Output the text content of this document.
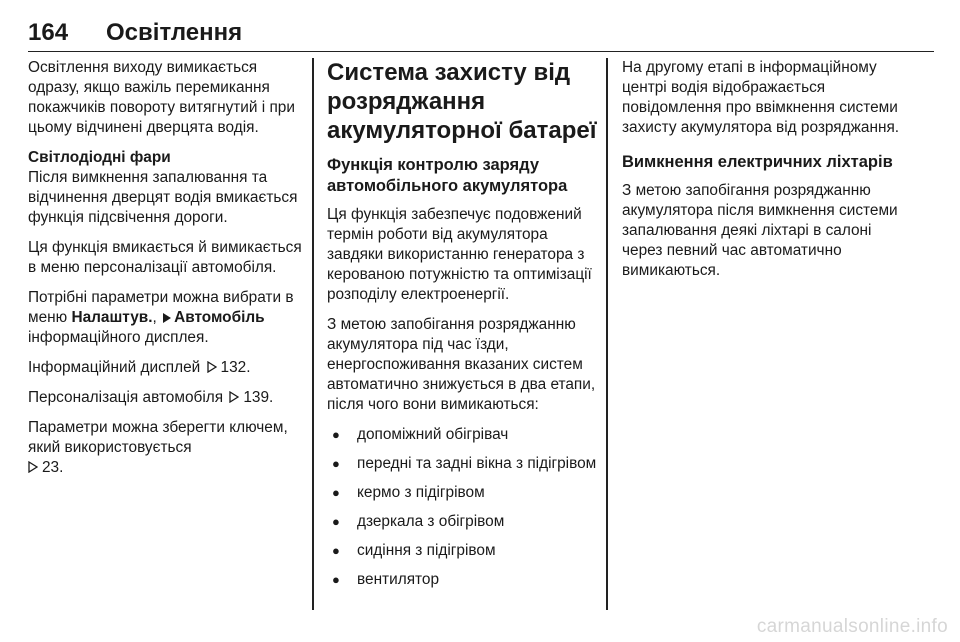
164	Освітлення

Освітлення виходу вимикається одразу, якщо важіль перемикання покажчиків повороту витягнутий і при цьому відчинені дверцята водія.

Світлодіодні фари

Після вимкнення запалювання та відчинення дверцят водія вмикається функція підсвічення дороги.

Ця функція вмикається й вимикається в меню персоналізації автомобіля.

Потрібні параметри можна вибрати в меню Налаштув., Автомобіль інформаційного дисплея.

Інформаційний дисплей 132.

Персоналізація автомобіля 139.

Параметри можна зберегти ключем, який використовується

23.

Система захисту від розряджання акумуляторної батареї
Функція контролю заряду автомобільного акумулятора

Ця функція забезпечує подовжений термін роботи від акумулятора завдяки використанню генератора з керованою потужністю та оптимізації розподілу електроенергії.

З метою запобігання розряджанню акумулятора під час їзди, енергоспоживання вказаних систем автоматично знижується в два етапи, після чого вони вимикаються:

● допоміжний обігрівач
● передні та задні вікна з підігрівом
● кермо з підігрівом
● дзеркала з обігрівом
● сидіння з підігрівом
● вентилятор

На другому етапі в інформаційному центрі водія відображається повідомлення про ввімкнення системи захисту акумулятора від розряджання.

Вимкнення електричних ліхтарів

З метою запобігання розряджанню акумулятора після вимкнення системи запалювання деякі ліхтарі в салоні через певний час автоматично вимикаються.

carmanualsonline.info
